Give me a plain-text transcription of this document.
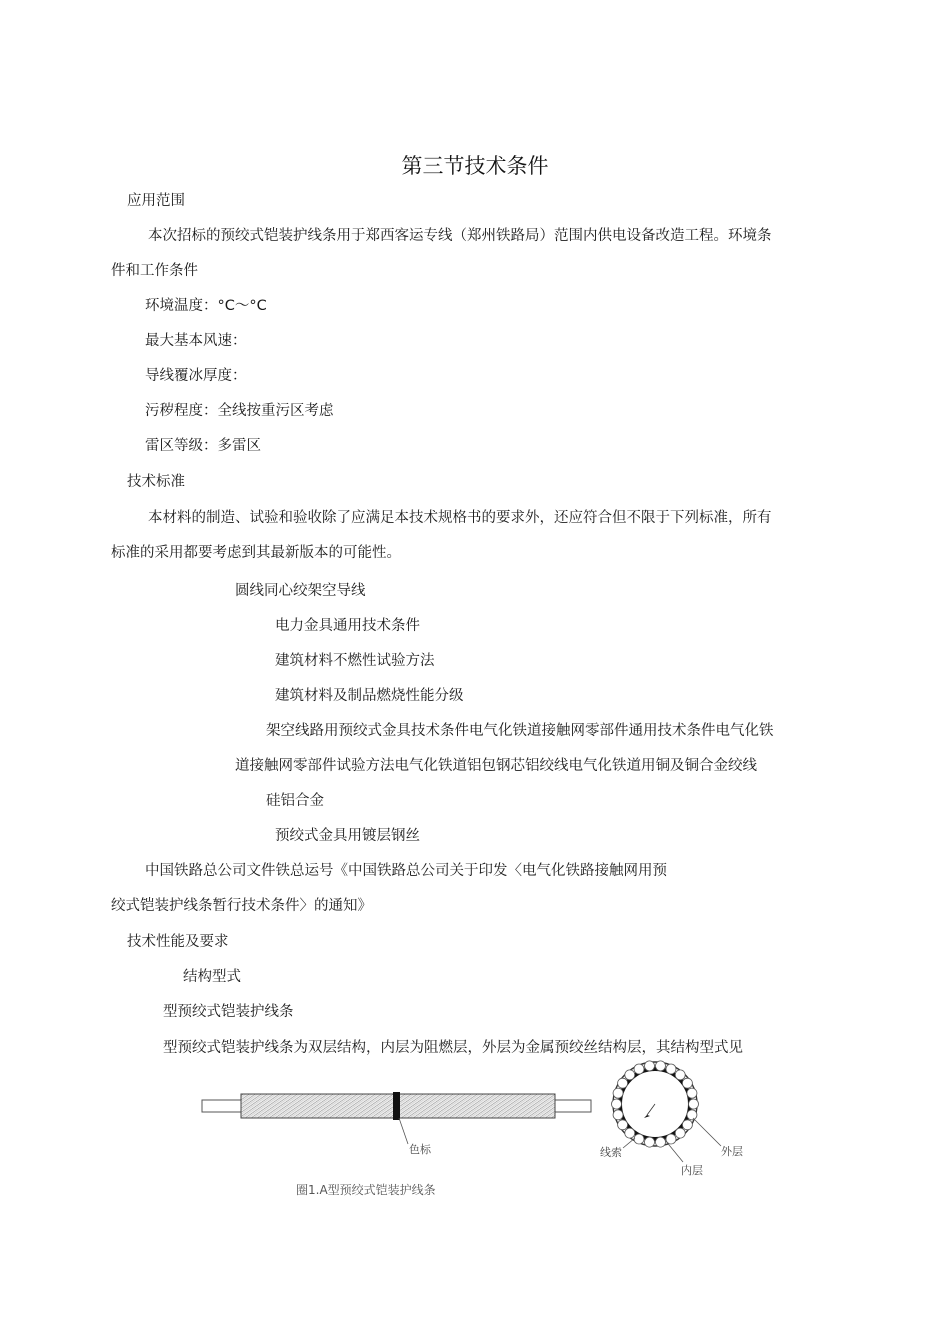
第三节技术条件
应用范围
本次招标的预绞式铠装护线条用于郑西客运专线（郑州铁路局）范围内供电设备改造工程。环境条
件和工作条件
环境温度：°C〜°C
最大基本风速：
导线覆冰厚度：
污秽程度：全线按重污区考虑
雷区等级：多雷区
技术标准
本材料的制造、试验和验收除了应满足本技术规格书的要求外，还应符合但不限于下列标准，所有
标准的采用都要考虑到其最新版本的可能性。
圆线同心绞架空导线
电力金具通用技术条件
建筑材料不燃性试验方法
建筑材料及制品燃烧性能分级
架空线路用预绞式金具技术条件电气化铁道接触网零部件通用技术条件电气化铁
道接触网零部件试验方法电气化铁道铝包钢芯铝绞线电气化铁道用铜及铜合金绞线
硅铝合金
预绞式金具用镀层钢丝
中国铁路总公司文件铁总运号《中国铁路总公司关于印发〈电气化铁路接触网用预
绞式铠装护线条暂行技术条件〉的通知》
技术性能及要求
结构型式
型预绞式铠装护线条
型预绞式铠装护线条为双层结构，内层为阻燃层，外层为金属预绞丝结构层，其结构型式见
色标	线索
内层
外层
圈1.A型预绞式铠装护线条
